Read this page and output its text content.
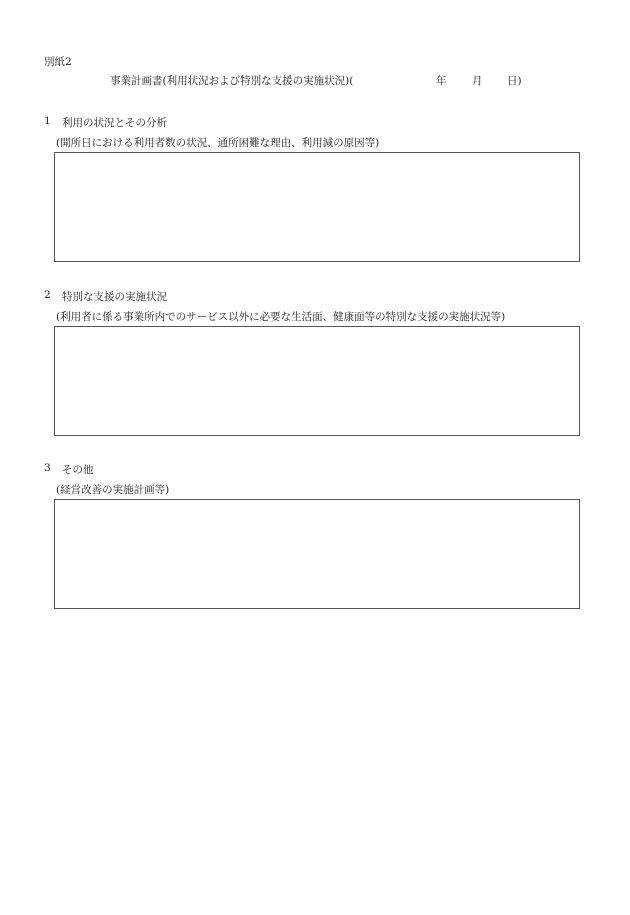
別紙2
事業計画書(利用状況および特別な支援の実施状況)(	年 月 日)
1 利用の状況とその分析
(開所日における利用者数の状況、通所困難な理由、利用減の原因等)
2 特別な支援の実施状況
(利用者に係る事業所内でのサービス以外に必要な生活面、健康面等の特別な支援の実施状況等)
3 その他
(経営改善の実施計画等)
